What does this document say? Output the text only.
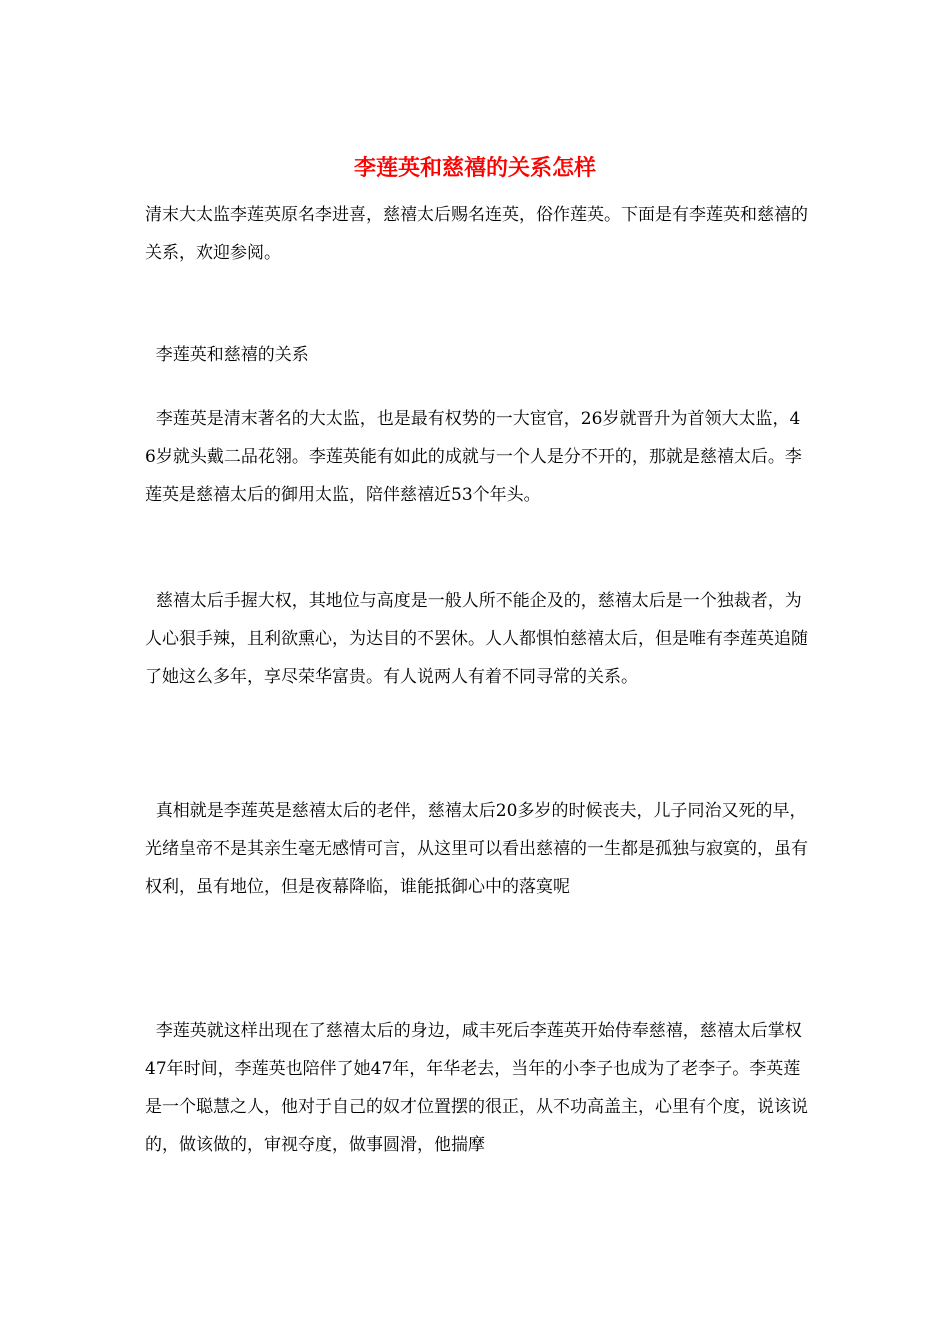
李莲英和慈禧的关系怎样

清末大太监李莲英原名李进喜，慈禧太后赐名连英，俗作莲英。下面是有李莲英和慈禧的关系，欢迎参阅。

李莲英和慈禧的关系

李莲英是清末著名的大太监，也是最有权势的一大宦官，26岁就晋升为首领大太监，46岁就头戴二品花翎。李莲英能有如此的成就与一个人是分不开的，那就是慈禧太后。李莲英是慈禧太后的御用太监，陪伴慈禧近53个年头。

慈禧太后手握大权，其地位与高度是一般人所不能企及的，慈禧太后是一个独裁者，为人心狠手辣，且利欲熏心，为达目的不罢休。人人都惧怕慈禧太后，但是唯有李莲英追随了她这么多年，享尽荣华富贵。有人说两人有着不同寻常的关系。

真相就是李莲英是慈禧太后的老伴，慈禧太后20多岁的时候丧夫，儿子同治又死的早，光绪皇帝不是其亲生毫无感情可言，从这里可以看出慈禧的一生都是孤独与寂寞的，虽有权利，虽有地位，但是夜幕降临，谁能抵御心中的落寞呢

李莲英就这样出现在了慈禧太后的身边，咸丰死后李莲英开始侍奉慈禧，慈禧太后掌权47年时间，李莲英也陪伴了她47年，年华老去，当年的小李子也成为了老李子。李英莲是一个聪慧之人，他对于自己的奴才位置摆的很正，从不功高盖主，心里有个度，说该说的，做该做的，审视夺度，做事圆滑，他揣摩
